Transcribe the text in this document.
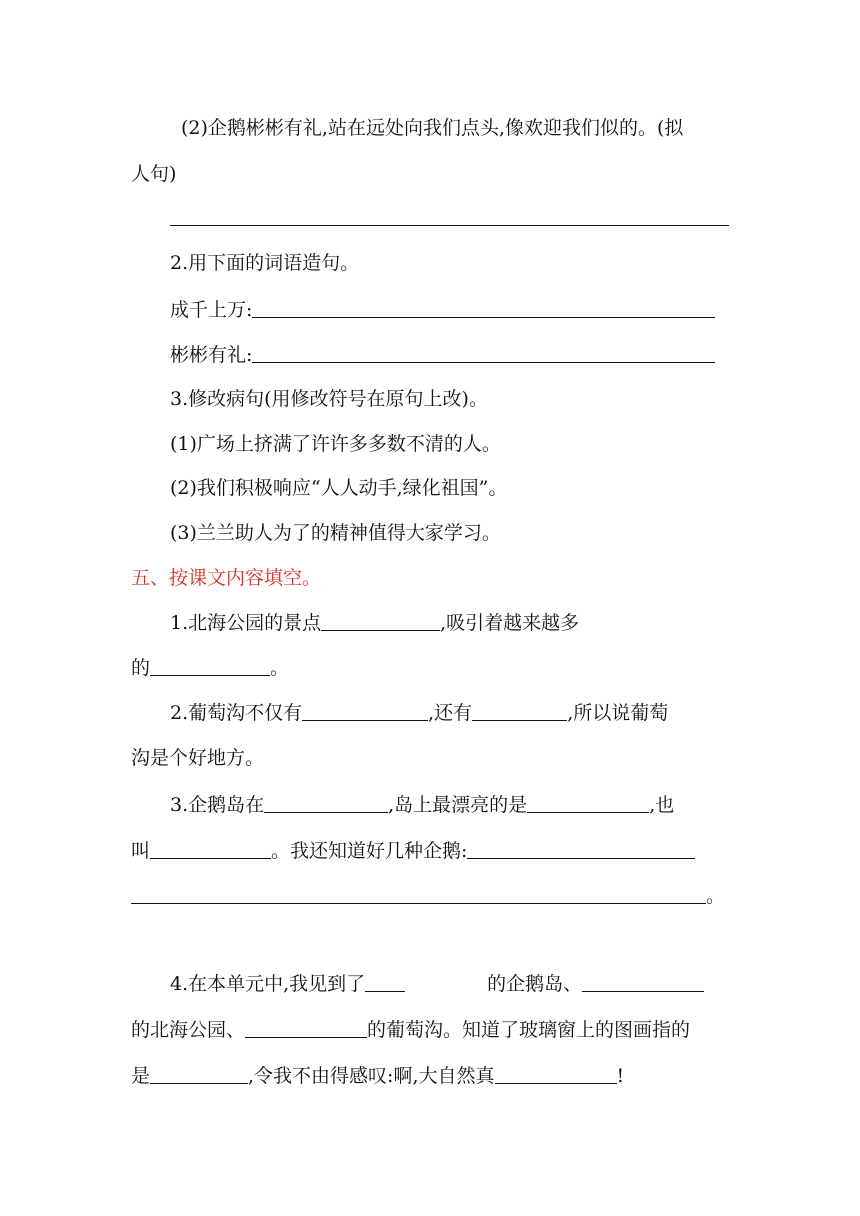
(2)企鹅彬彬有礼,站在远处向我们点头,像欢迎我们似的。(拟
人句)
2.用下面的词语造句。
成千上万:
彬彬有礼:
3.修改病句(用修改符号在原句上改)。
(1)广场上挤满了许许多多数不清的人。
(2)我们积极响应“人人动手,绿化祖国”。
(3)兰兰助人为了的精神值得大家学习。
五、按课文内容填空。
1.北海公园的景点	,吸引着越来越多
的	。
2.葡萄沟不仅有	,还有	,所以说葡萄
沟是个好地方。
3.企鹅岛在	,岛上最漂亮的是	,也
叫	。我还知道好几种企鹅:
。
4.在本单元中,我见到了	的企鹅岛、
的北海公园、	的葡萄沟。知道了玻璃窗上的图画指的
是	,令我不由得感叹:啊,大自然真	!
